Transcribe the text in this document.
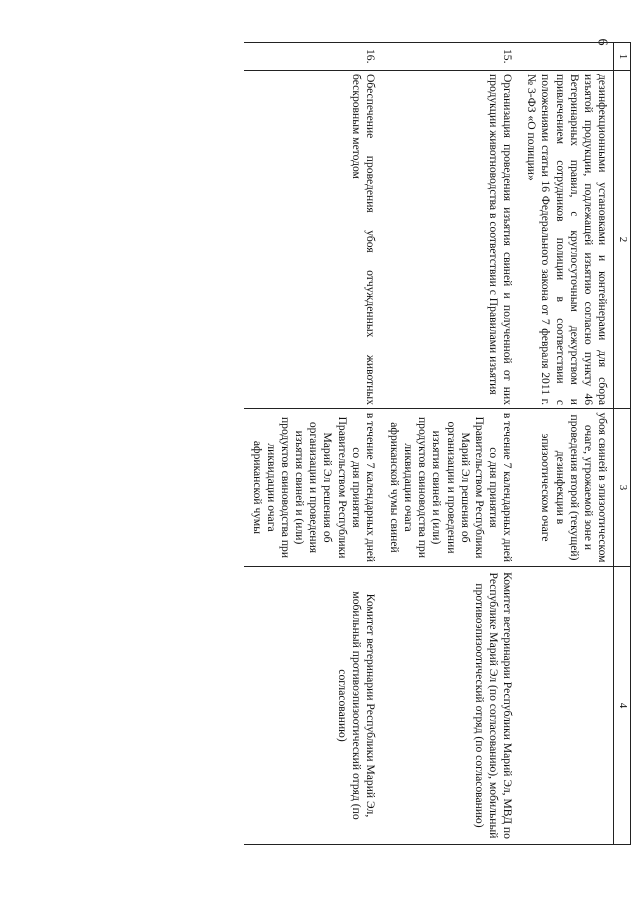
6
1	2	3	4
	дезинфекционными установками и контейнерами для сбора изъятой продукции, подлежащей изъятию согласно пункту 46 Ветеринарных правил, с круглосуточным дежурством и привлечением сотрудников полиции в соответствии с положениями статьи 16 Федерального закона от 7 февраля 2011 г. № 3-ФЗ «О полиции»	убоя свиней в эпизоотическом очаге, угрожаемой зоне и проведения второй (текущей) дезинфекции в эпизоотическом очаге	
15.	Организация проведения изъятия свиней и полученной от них продукции животноводства в соответствии с Правилами изъятия	в течение 7 календарных дней со дня принятия Правительством Республики Марий Эл решения об организации и проведении изъятия свиней и (или) продуктов свиноводства при ликвидации очага африканской чумы свиней	Комитет ветеринарии Республики Марий Эл, МВД по Республике Марий Эл (по согласованию), мобильный противоэпизоотический отряд (по согласованию)
16.	Обеспечение проведения убоя отчужденных животных бескровным методом	в течение 7 календарных дней со дня принятия Правительством Республики Марий Эл решения об организации и проведения изъятия свиней и (или) продуктов свиноводства при ликвидации очага африканской чумы	Комитет ветеринарии Республики Марий Эл, мобильный противоэпизоотический отряд (по согласованию)
